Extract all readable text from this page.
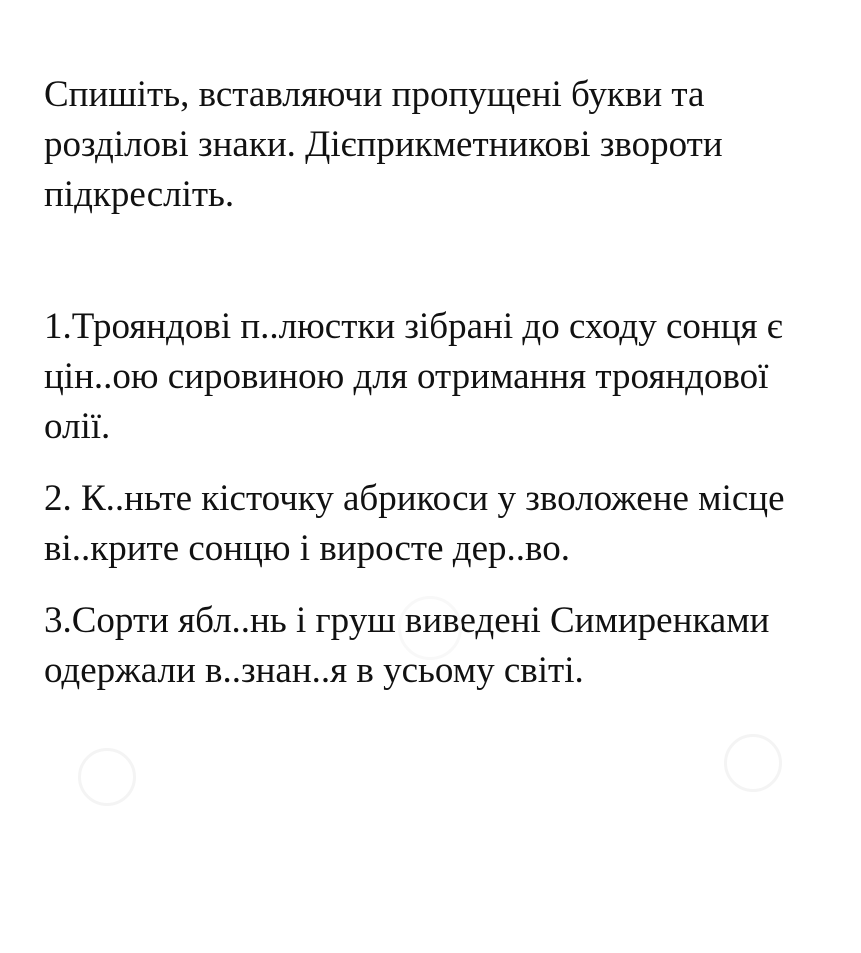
Спишіть, вставляючи пропущені букви та
розділові знаки. Дієприкметникові звороти
підкресліть.

1.Трояндові п..люстки зібрані до сходу сонця є
цін..ою сировиною для отримання трояндової
олії.

2. К..ньте кісточку абрикоси у зволожене місце
ві..крите сонцю і виросте дер..во.

3.Сорти ябл..нь і груш виведені Симиренками
одержали в..знан..я в усьому світі.
